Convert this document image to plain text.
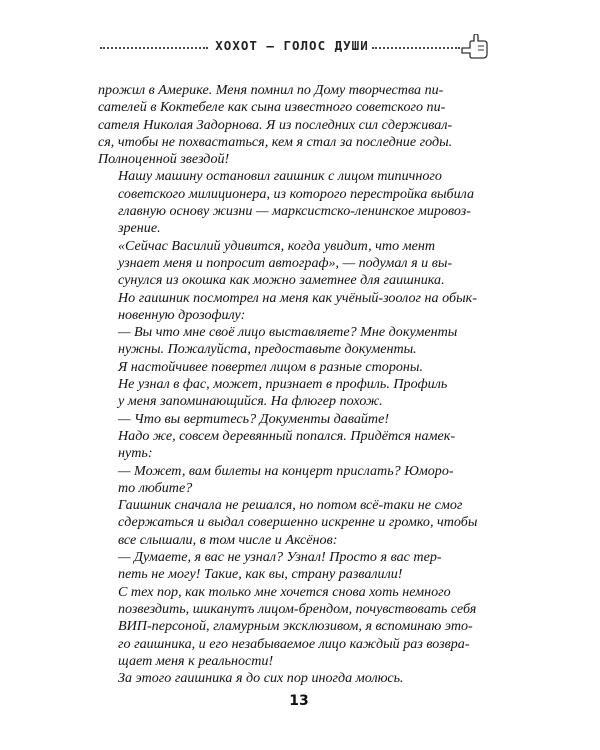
ХОХОТ — ГОЛОС ДУШИ

прожил в Америке. Меня помнил по Дому творчества пи-
сателей в Коктебеле как сына известного советского пи-
сателя Николая Задорнова. Я из последних сил сдерживал-
ся, чтобы не похвастаться, кем я стал за последние годы.
Полноценной звездой!

Нашу машину остановил гаишник с лицом типичного
советского милиционера, из которого перестройка выбила
главную основу жизни — марксистско-ленинское мировоз-
зрение.

«Сейчас Василий удивится, когда увидит, что мент
узнает меня и попросит автограф», — подумал я и вы-
сунулся из окошка как можно заметнее для гаишника.
Но гаишник посмотрел на меня как учёный-зоолог на обык-
новенную дрозофилу:

— Вы что мне своё лицо выставляете? Мне документы
нужны. Пожалуйста, предоставьте документы.

Я настойчивее повертел лицом в разные стороны.
Не узнал в фас, может, признает в профиль. Профиль
у меня запоминающийся. На флюгер похож.

— Что вы вертитесь? Документы давайте!

Надо же, совсем деревянный попался. Придётся намек-
нуть:

— Может, вам билеты на концерт прислать? Юморо-
то любите?

Гаишник сначала не решался, но потом всё-таки не смог
сдержаться и выдал совершенно искренне и громко, чтобы
все слышали, в том числе и Аксёнов:

— Думаете, я вас не узнал? Узнал! Просто я вас тер-
петь не могу! Такие, как вы, страну развалили!

С тех пор, как только мне хочется снова хоть немного
позвездить, шиканутъ лицом-брендом, почувствовать себя
ВИП-персоной, гламурным эксклюзивом, я вспоминаю это-
го гаишника, и его незабываемое лицо каждый раз возвра-
щает меня к реальности!

За этого гаишника я до сих пор иногда молюсь.

13
